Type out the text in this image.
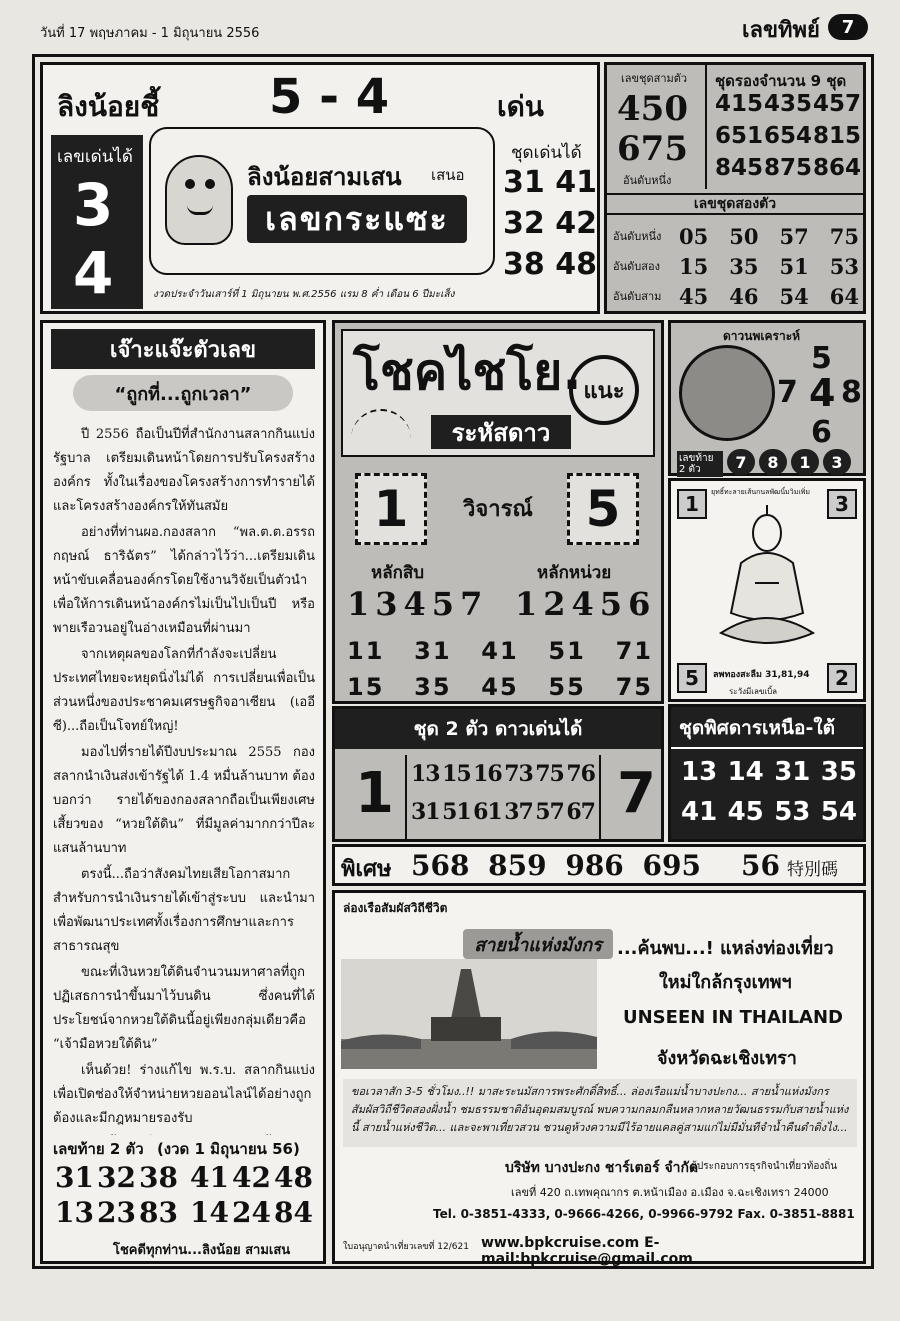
วันที่ 17 พฤษภาคม - 1 มิถุนายน 2556	เลขทิพย์ 7
ลิงน้อยชี้ 5 - 4	เด่น
เลขเด่นได้
3
4
ลิงน้อยสามเสน เสนอ
เลขกระแซะ
งวดประจำวันเสาร์ที่ 1 มิถุนายน พ.ศ.2556 แรม 8 ค่ำ เดือน 6 ปีมะเส็ง
ชุดเด่นได้
31 41
32 42
38 48
เลขชุดสามตัว
450
675
อันดับหนึ่ง
ชุดรองจำนวน 9 ชุด
415 435 457
651 654 815
845 875 864
เลขชุดสองตัว
อันดับหนึ่ง 05 50 57 75
อันดับสอง 15 35 51 53
อันดับสาม 45 46 54 64
เจ๊าะแจ๊ะตัวเลข
“ถูกที่...ถูกเวลา”

ปี 2556 ถือเป็นปีที่สำนักงานสลากกินแบ่งรัฐบาล เตรียมเดินหน้าโดยการปรับโครงสร้างองค์กร ทั้งในเรื่องของโครงสร้างการทำรายได้ และโครงสร้างองค์กรให้ทันสมัย

อย่างที่ท่านผอ.กองสลาก “พล.ต.ต.อรรถกฤษณ์ ธาริฉัตร” ได้กล่าวไว้ว่า...เตรียมเดินหน้าขับเคลื่อนองค์กรโดยใช้งานวิจัยเป็นตัวนำ เพื่อให้การเดินหน้าองค์กรไม่เป็นไปเป็นปี หรือ พายเรือวนอยู่ในอ่างเหมือนที่ผ่านมา

จากเหตุผลของโลกที่กำลังจะเปลี่ยน ประเทศไทยจะหยุดนิ่งไม่ได้ การเปลี่ยนเพื่อเป็นส่วนหนึ่งของประชาคมเศรษฐกิจอาเซียน (เออีซี)...ถือเป็นโจทย์ใหญ่!

มองไปที่รายได้ปีงบประมาณ 2555 กองสลากนำเงินส่งเข้ารัฐได้ 1.4 หมื่นล้านบาท ต้องบอกว่า รายได้ของกองสลากถือเป็นเพียงเศษเสี้ยวของ “หวยใต้ดิน” ที่มีมูลค่ามากกว่าปีละแสนล้านบาท

ตรงนี้...ถือว่าสังคมไทยเสียโอกาสมากสำหรับการนำเงินรายได้เข้าสู่ระบบ และนำมาเพื่อพัฒนาประเทศทั้งเรื่องการศึกษาและการสาธารณสุข

ขณะที่เงินหวยใต้ดินจำนวนมหาศาลที่ถูกปฏิเสธการนำขึ้นมาไว้บนดิน ซึ่งคนที่ได้ประโยชน์จากหวยใต้ดินนี้อยู่เพียงกลุ่มเดียวคือ “เจ้ามือหวยใต้ดิน”

เห็นด้วย! ร่างแก้ไข พ.ร.บ. สลากกินแบ่ง เพื่อเปิดช่องให้จำหน่ายหวยออนไลน์ได้อย่างถูกต้องและมีกฎหมายรองรับ

เลขท้าย 2 ตัว (งวด 1 มิถุนายน 56)
31 32 38 41 42 48
13 23 83 14 24 84
โชคดีทุกท่าน...ลิงน้อย สามเสน
โชคไชโย. แนะ
ระหัสดาว
1 วิจารณ์ 5
หลักสิบ	หลักหน่วย
13457 12456
11 31 41 51 71
15 35 45 55 75
ชุด 2 ตัว ดาวเด่นได้
1 13 15 16 73 75 76
31 51 61 37 57 67 7
ดาวนพเคราะห์
5
7 4 8
6
เลขท้าย 2 ตัว	7	8	1	3
ยุทธิ์ทะลายเส้นกนลพัฒนิ์มวิมเพิ่ม
1	3
5	2
ลพทองสะลืม 31,81,94
ระวังมีเลขเบิ้ล
ชุดพิศดารเหนือ-ใต้
13 14 31 35
41 45 53 54
พิเศษ 568 859 986 695 56 特別碼
ล่องเรือสัมผัสวิถีชีวิต
สายน้ำแห่งมังกร ...ค้นพบ...! แหล่งท่องเที่ยว
ใหม่ใกล้กรุงเทพฯ
UNSEEN IN THAILAND
จังหวัดฉะเชิงเทรา
ขอเวลาสัก 3-5 ชั่วโมง..!! มาสะระนมัสการพระศักดิ์สิทธิ์... ล่องเรือแม่น้ำบางปะกง... สายน้ำแห่งมังกร สัมผัสวิถีชีวิตสองฝั่งน้ำ ชมธรรมชาติอันอุดมสมบูรณ์ พบความกลมกลืนหลากหลายวัฒนธรรมกับสายน้ำแห่งนี้ สายน้ำแห่งชีวิต... และจะพาเที่ยวสวน ชวนดูห้วงความมีไร้อายแคลคู่สามแก่ไม่มีมั่นทีจำน้ำคืนดำดิ่งไง...
บริษัท บางปะกง ชาร์เตอร์ จำกัด
ผู้ประกอบการธุรกิจนำเที่ยวท้องถิ่น
เลขที่ 420 ถ.เทพคุณากร ต.หน้าเมือง อ.เมือง จ.ฉะเชิงเทรา 24000
Tel. 0-3851-4333, 0-9666-4266, 0-9966-9792 Fax. 0-3851-8881
ใบอนุญาตนำเที่ยวเลขที่ 12/621 www.bpkcruise.com E-mail:bpkcruise@gmail.com
